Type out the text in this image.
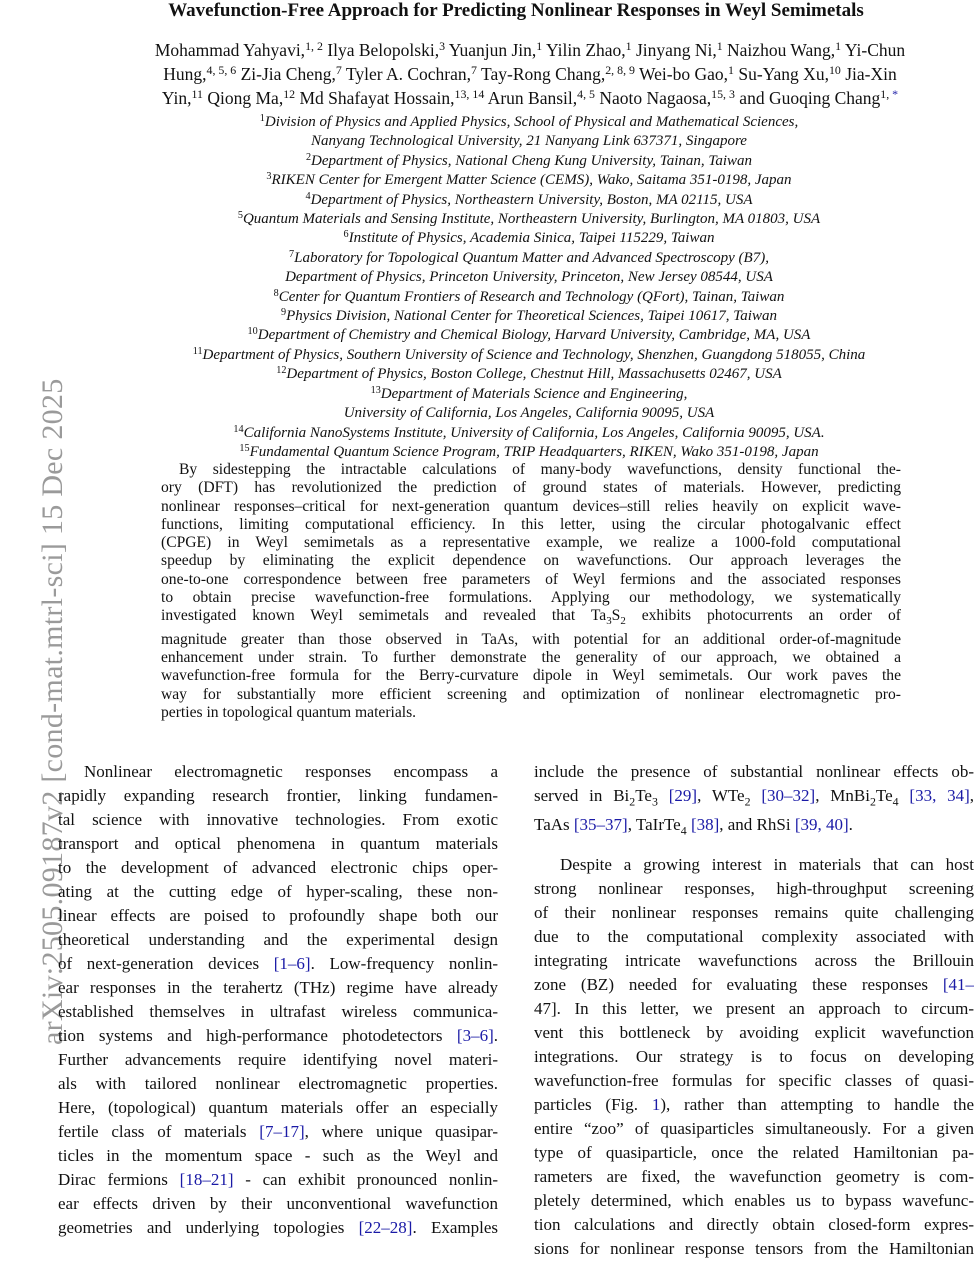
arXiv:2505.09187v2 [cond-mat.mtrl-sci] 15 Dec 2025
Wavefunction-Free Approach for Predicting Nonlinear Responses in Weyl Semimetals
Mohammad Yahyavi,$^{1, 2}$ Ilya Belopolski,$^3$ Yuanjun Jin,$^1$ Yilin Zhao,$^1$ Jinyang Ni,$^1$ Naizhou Wang,$^1$ Yi-Chun
Hung,$^{4, 5, 6}$ Zi-Jia Cheng,$^7$ Tyler A. Cochran,$^7$ Tay-Rong Chang,$^{2, 8, 9}$ Wei-bo Gao,$^1$ Su-Yang Xu,$^{10}$ Jia-Xin
Yin,$^{11}$ Qiong Ma,$^{12}$ Md Shafayat Hossain,$^{13, 14}$ Arun Bansil,$^{4, 5}$ Naoto Nagaosa,$^{15, 3}$ and Guoqing Chang$^{1,}$ *
$^1$Division of Physics and Applied Physics, School of Physical and Mathematical Sciences,
Nanyang Technological University, 21 Nanyang Link 637371, Singapore
$^2$Department of Physics, National Cheng Kung University, Tainan, Taiwan
$^3$RIKEN Center for Emergent Matter Science (CEMS), Wako, Saitama 351-0198, Japan
$^4$Department of Physics, Northeastern University, Boston, MA 02115, USA
$^5$Quantum Materials and Sensing Institute, Northeastern University, Burlington, MA 01803, USA
$^6$Institute of Physics, Academia Sinica, Taipei 115229, Taiwan
$^7$Laboratory for Topological Quantum Matter and Advanced Spectroscopy (B7),
Department of Physics, Princeton University, Princeton, New Jersey 08544, USA
$^8$Center for Quantum Frontiers of Research and Technology (QFort), Tainan, Taiwan
$^9$Physics Division, National Center for Theoretical Sciences, Taipei 10617, Taiwan
$^{10}$Department of Chemistry and Chemical Biology, Harvard University, Cambridge, MA, USA
$^{11}$Department of Physics, Southern University of Science and Technology, Shenzhen, Guangdong 518055, China
$^{12}$Department of Physics, Boston College, Chestnut Hill, Massachusetts 02467, USA
$^{13}$Department of Materials Science and Engineering,
University of California, Los Angeles, California 90095, USA
$^{14}$California NanoSystems Institute, University of California, Los Angeles, California 90095, USA.
$^{15}$Fundamental Quantum Science Program, TRIP Headquarters, RIKEN, Wako 351-0198, Japan
By sidestepping the intractable calculations of many-body wavefunctions, density functional the-
ory (DFT) has revolutionized the prediction of ground states of materials. However, predicting
nonlinear responses–critical for next-generation quantum devices–still relies heavily on explicit wave-
functions, limiting computational efficiency. In this letter, using the circular photogalvanic effect
(CPGE) in Weyl semimetals as a representative example, we realize a 1000-fold computational
speedup by eliminating the explicit dependence on wavefunctions. Our approach leverages the
one-to-one correspondence between free parameters of Weyl fermions and the associated responses
to obtain precise wavefunction-free formulations. Applying our methodology, we systematically
investigated known Weyl semimetals and revealed that $Ta_3S_2$ exhibits photocurrents an order of
magnitude greater than those observed in TaAs, with potential for an additional order-of-magnitude
enhancement under strain. To further demonstrate the generality of our approach, we obtained a
wavefunction-free formula for the Berry-curvature dipole in Weyl semimetals. Our work paves the
way for substantially more efficient screening and optimization of nonlinear electromagnetic pro-
perties in topological quantum materials.
Nonlinear electromagnetic responses encompass a
rapidly expanding research frontier, linking fundamen-
tal science with innovative technologies. From exotic
transport and optical phenomena in quantum materials
to the development of advanced electronic chips oper-
ating at the cutting edge of hyper-scaling, these non-
linear effects are poised to profoundly shape both our
theoretical understanding and the experimental design
of next-generation devices [1–6]. Low-frequency nonlin-
ear responses in the terahertz (THz) regime have already
established themselves in ultrafast wireless communica-
tion systems and high-performance photodetectors [3–6].
Further advancements require identifying novel materi-
als with tailored nonlinear electromagnetic properties.
Here, (topological) quantum materials offer an especially
fertile class of materials [7–17], where unique quasipar-
ticles in the momentum space - such as the Weyl and
Dirac fermions [18–21] - can exhibit pronounced nonlin-
ear effects driven by their unconventional wavefunction
geometries and underlying topologies [22–28]. Examples
include the presence of substantial nonlinear effects ob-
served in $Bi_2Te_3$ [29], WTe$_2$ [30–32], $MnBi_2Te_4$ [33, 34],
TaAs [35–37], TaIrTe$_4$ [38], and RhSi [39, 40].
Despite a growing interest in materials that can host
strong nonlinear responses, high-throughput screening
of their nonlinear responses remains quite challenging
due to the computational complexity associated with
integrating intricate wavefunctions across the Brillouin
zone (BZ) needed for evaluating these responses [41–
47]. In this letter, we present an approach to circum-
vent this bottleneck by avoiding explicit wavefunction
integrations. Our strategy is to focus on developing
wavefunction-free formulas for specific classes of quasi-
particles (Fig. 1), rather than attempting to handle the
entire “zoo” of quasiparticles simultaneously. For a given
type of quasiparticle, once the related Hamiltonian pa-
rameters are fixed, the wavefunction geometry is com-
pletely determined, which enables us to bypass wavefunc-
tion calculations and directly obtain closed-form expres-
sions for nonlinear response tensors from the Hamiltonian
